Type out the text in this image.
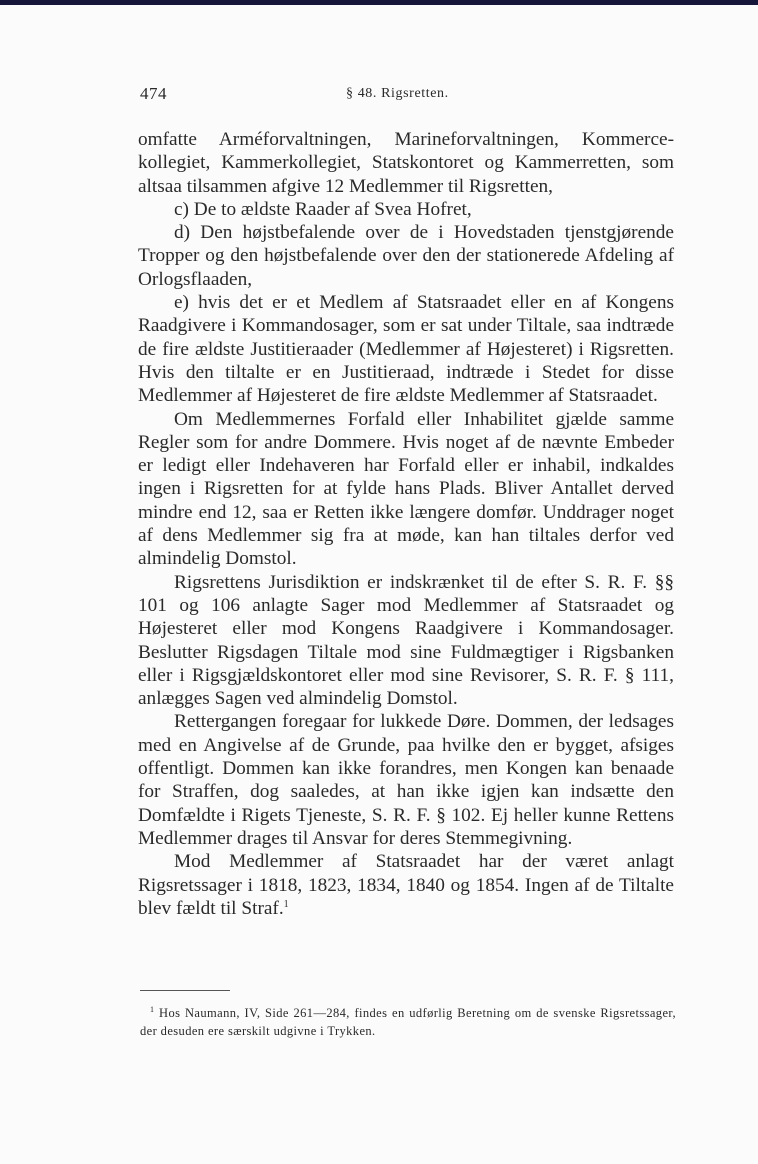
474	§ 48. Rigsretten.

omfatte Arméforvaltningen, Marineforvaltningen, Kommerce-kollegiet, Kammerkollegiet, Statskontoret og Kammerretten, som altsaa tilsammen afgive 12 Medlemmer til Rigsretten,

c) De to ældste Raader af Svea Hofret,

d) Den højstbefalende over de i Hovedstaden tjenstgjørende Tropper og den højstbefalende over den der stationerede Afdeling af Orlogsflaaden,

e) hvis det er et Medlem af Statsraadet eller en af Kongens Raadgivere i Kommandosager, som er sat under Tiltale, saa indtræde de fire ældste Justitieraader (Medlemmer af Højesteret) i Rigsretten. Hvis den tiltalte er en Justitieraad, indtræde i Stedet for disse Medlemmer af Højesteret de fire ældste Medlemmer af Statsraadet.

Om Medlemmernes Forfald eller Inhabilitet gjælde samme Regler som for andre Dommere. Hvis noget af de nævnte Embeder er ledigt eller Indehaveren har Forfald eller er inhabil, indkaldes ingen i Rigsretten for at fylde hans Plads. Bliver Antallet derved mindre end 12, saa er Retten ikke længere domfør. Unddrager noget af dens Medlemmer sig fra at møde, kan han tiltales derfor ved almindelig Domstol.

Rigsrettens Jurisdiktion er indskrænket til de efter S. R. F. §§ 101 og 106 anlagte Sager mod Medlemmer af Statsraadet og Højesteret eller mod Kongens Raadgivere i Kommandosager. Beslutter Rigsdagen Tiltale mod sine Fuldmægtiger i Rigsbanken eller i Rigsgjældskontoret eller mod sine Revisorer, S. R. F. § 111, anlægges Sagen ved almindelig Domstol.

Rettergangen foregaar for lukkede Døre. Dommen, der ledsages med en Angivelse af de Grunde, paa hvilke den er bygget, afsiges offentligt. Dommen kan ikke forandres, men Kongen kan benaade for Straffen, dog saaledes, at han ikke igjen kan indsætte den Domfældte i Rigets Tjeneste, S. R. F. § 102. Ej heller kunne Rettens Medlemmer drages til Ansvar for deres Stemmegivning.

Mod Medlemmer af Statsraadet har der været anlagt Rigsretssager i 1818, 1823, 1834, 1840 og 1854. Ingen af de Tiltalte blev fældt til Straf.$^1$

$^1$ Hos Naumann, IV, Side 261—284, findes en udførlig Beretning om de svenske Rigsretssager, der desuden ere særskilt udgivne i Trykken.
